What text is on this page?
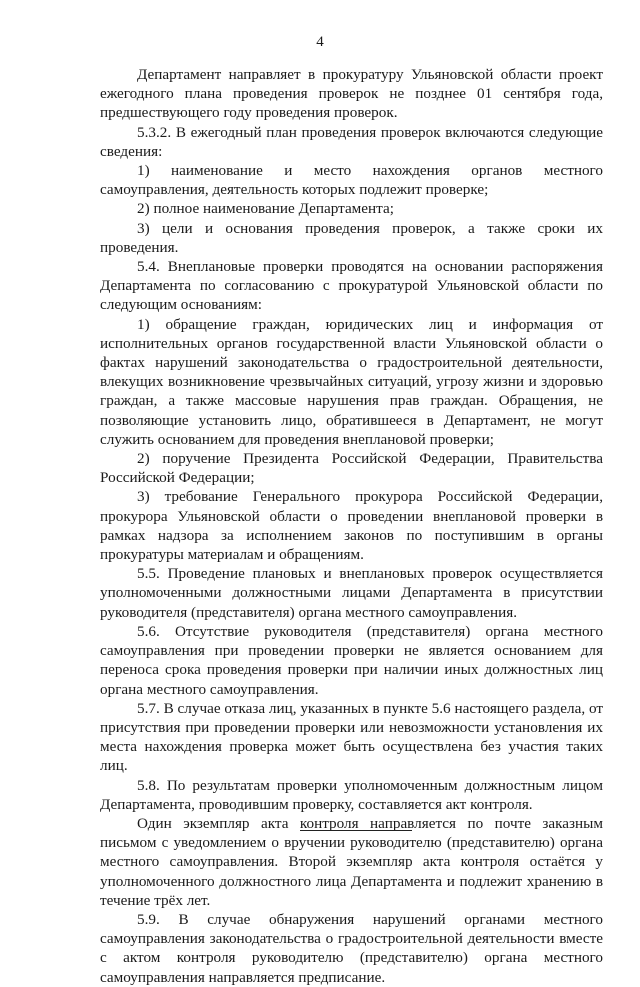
4

Департамент направляет в прокуратуру Ульяновской области проект ежегодного плана проведения проверок не позднее 01 сентября года, предшествующего году проведения проверок.

5.3.2. В ежегодный план проведения проверок включаются следующие сведения:

1) наименование и место нахождения органов местного самоуправления, деятельность которых подлежит проверке;

2) полное наименование Департамента;

3) цели и основания проведения проверок, а также сроки их проведения.

5.4. Внеплановые проверки проводятся на основании распоряжения Департамента по согласованию с прокуратурой Ульяновской области по следующим основаниям:

1) обращение граждан, юридических лиц и информация от исполнительных органов государственной власти Ульяновской области о фактах нарушений законодательства о градостроительной деятельности, влекущих возникновение чрезвычайных ситуаций, угрозу жизни и здоровью граждан, а также массовые нарушения прав граждан. Обращения, не позволяющие установить лицо, обратившееся в Департамент, не могут служить основанием для проведения внеплановой проверки;

2) поручение Президента Российской Федерации, Правительства Российской Федерации;

3) требование Генерального прокурора Российской Федерации, прокурора Ульяновской области о проведении внеплановой проверки в рамках надзора за исполнением законов по поступившим в органы прокуратуры материалам и обращениям.

5.5. Проведение плановых и внеплановых проверок осуществляется уполномоченными должностными лицами Департамента в присутствии руководителя (представителя) органа местного самоуправления.

5.6. Отсутствие руководителя (представителя) органа местного самоуправления при проведении проверки не является основанием для переноса срока проведения проверки при наличии иных должностных лиц органа местного самоуправления.

5.7. В случае отказа лиц, указанных в пункте 5.6 настоящего раздела, от присутствия при проведении проверки или невозможности установления их места нахождения проверка может быть осуществлена без участия таких лиц.

5.8. По результатам проверки уполномоченным должностным лицом Департамента, проводившим проверку, составляется акт контроля.

Один экземпляр акта контроля направляется по почте заказным письмом с уведомлением о вручении руководителю (представителю) органа местного самоуправления. Второй экземпляр акта контроля остаётся у уполномоченного должностного лица Департамента и подлежит хранению в течение трёх лет.

5.9. В случае обнаружения нарушений органами местного самоуправления законодательства о градостроительной деятельности вместе с актом контроля руководителю (представителю) органа местного самоуправления направляется предписание.
